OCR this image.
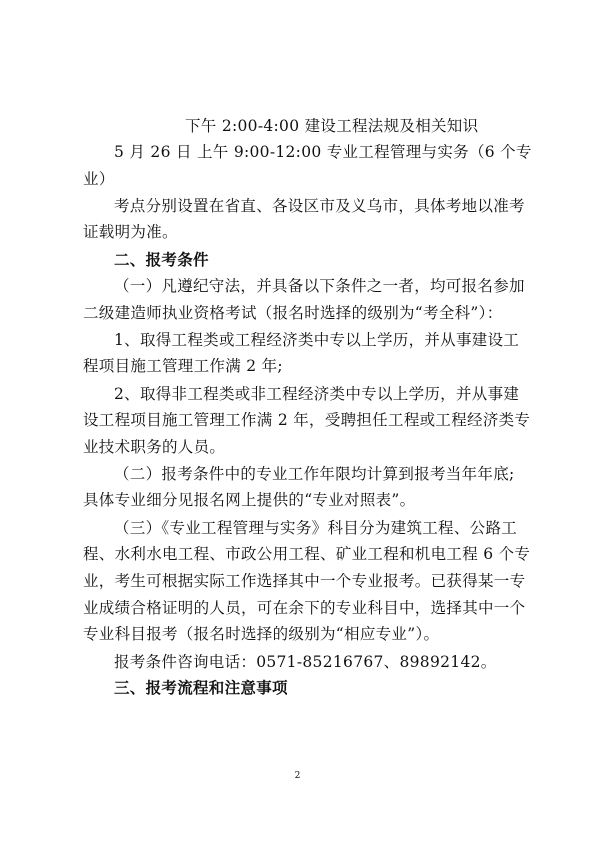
下午 2:00-4:00 建设工程法规及相关知识

5 月 26 日 上午 9:00-12:00 专业工程管理与实务（6 个专

业）

考点分别设置在省直、各设区市及义乌市，具体考地以准考

证载明为准。

二、报考条件

（一）凡遵纪守法，并具备以下条件之一者，均可报名参加

二级建造师执业资格考试（报名时选择的级别为“考全科”）：

1、取得工程类或工程经济类中专以上学历，并从事建设工

程项目施工管理工作满 2 年;

2、取得非工程类或非工程经济类中专以上学历，并从事建

设工程项目施工管理工作满 2 年，受聘担任工程或工程经济类专

业技术职务的人员。

（二）报考条件中的专业工作年限均计算到报考当年年底;

具体专业细分见报名网上提供的“专业对照表”。

（三）《专业工程管理与实务》科目分为建筑工程、公路工

程、水利水电工程、市政公用工程、矿业工程和机电工程 6 个专

业，考生可根据实际工作选择其中一个专业报考。已获得某一专

业成绩合格证明的人员，可在余下的专业科目中，选择其中一个

专业科目报考（报名时选择的级别为“相应专业”）。

报考条件咨询电话：0571-85216767、89892142。

三、报考流程和注意事项

2
